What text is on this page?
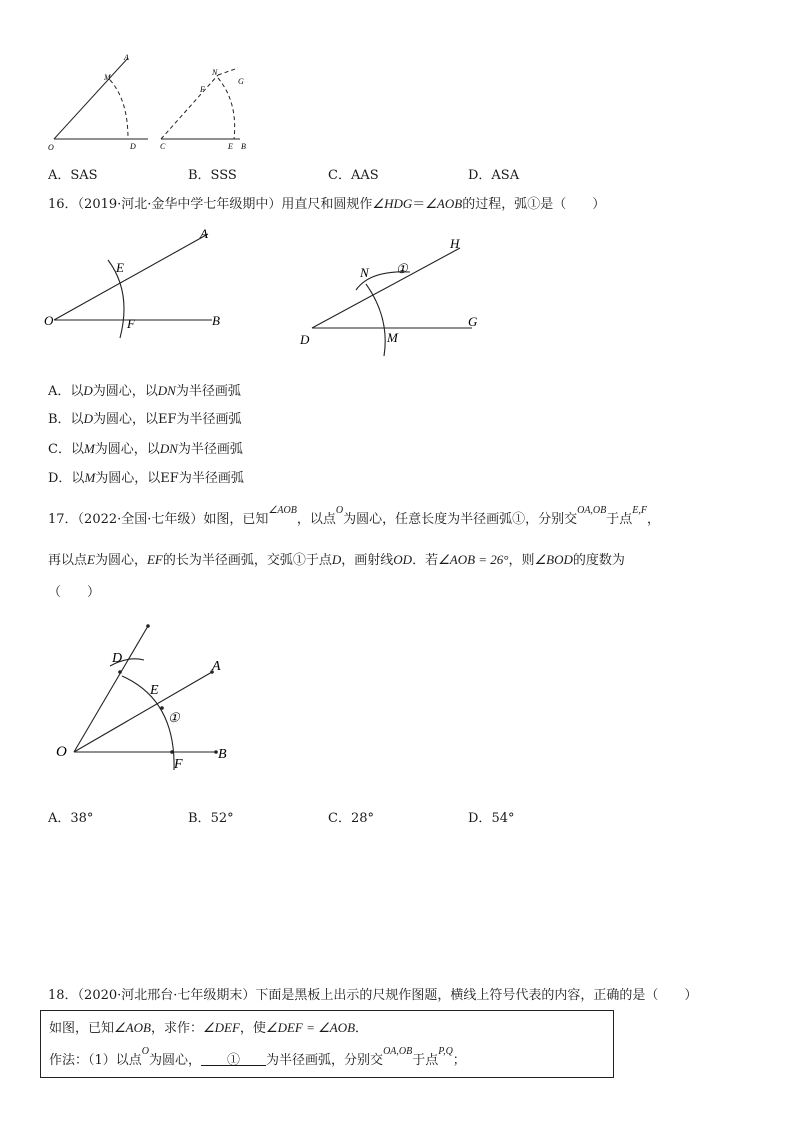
A
M
O	D
N
G
F
C	E B
A．SAS	B．SSS	C．AAS	D．ASA
16．（2019·河北·金华中学七年级期中）用直尺和圆规作∠HDG＝∠AOB的过程，弧①是（　　）
A
E
O	F	B
H
N ①
D	M
G
A．以D为圆心，以DN为半径画弧
B．以D为圆心，以EF为半径画弧
C．以M为圆心，以DN为半径画弧
D．以M为圆心，以EF为半径画弧
17．（2022·全国·七年级）如图，已知$^{\angle AOB}$，以点$^O$为圆心，任意长度为半径画弧①，分别交$^{OA,OB}$于点$^{E,F}$，
再以点E为圆心，EF的长为半径画弧，交弧①于点D，画射线OD．若∠AOB = 26°，则∠BOD的度数为
（　　）
D
A
E
①
O	B
F
A．38°	B．52°	C．28°	D．54°
18．（2020·河北邢台·七年级期末）下面是黑板上出示的尺规作图题，横线上符号代表的内容，正确的是（　　）
如图，已知∠AOB，求作：∠DEF，使∠DEF = ∠AOB．
作法：（1）以点$^O$为圆心，＿＿①＿＿为半径画弧，分别交$^{OA,OB}$于点$^{P,Q}$；
